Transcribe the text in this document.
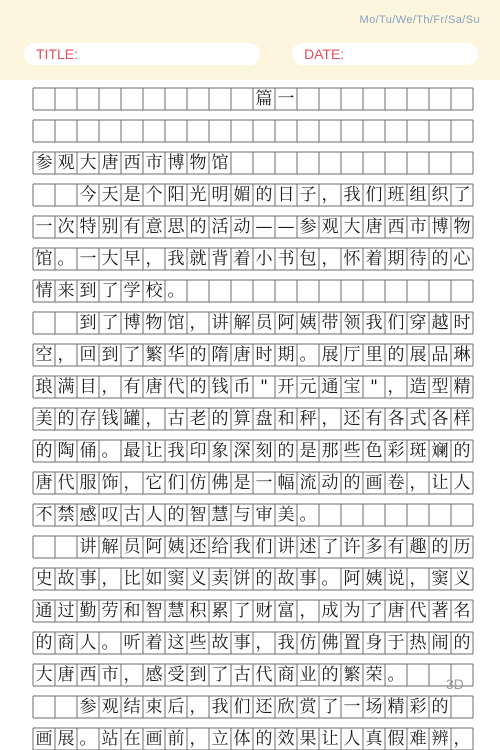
Mo/Tu/We/Th/Fr/Sa/Su
TITLE:	DATE:
篇 一
参 观 大 唐 西 市 博 物 馆
今 天 是 个 阳 光 明 媚 的 日 子 ， 我 们 班 组 织 了
一 次 特 别 有 意 思 的 活 动 — — 参 观 大 唐 西 市 博 物
馆 。 一 大 早 ， 我 就 背 着 小 书 包 ， 怀 着 期 待 的 心
情 来 到 了 学 校 。
到 了 博 物 馆 ， 讲 解 员 阿 姨 带 领 我 们 穿 越 时
空 ， 回 到 了 繁 华 的 隋 唐 时 期 。 展 厅 里 的 展 品 琳
琅 满 目 ， 有 唐 代 的 钱 币 " 开 元 通 宝 " ， 造 型 精
美 的 存 钱 罐 ， 古 老 的 算 盘 和 秤 ， 还 有 各 式 各 样
的 陶 俑 。 最 让 我 印 象 深 刻 的 是 那 些 色 彩 斑 斓 的
唐 代 服 饰 ， 它 们 仿 佛 是 一 幅 流 动 的 画 卷 ， 让 人
不 禁 感 叹 古 人 的 智 慧 与 审 美 。
讲 解 员 阿 姨 还 给 我 们 讲 述 了 许 多 有 趣 的 历
史 故 事 ， 比 如 窦 义 卖 饼 的 故 事 。 阿 姨 说 ， 窦 义
通 过 勤 劳 和 智 慧 积 累 了 财 富 ， 成 为 了 唐 代 著 名
的 商 人 。 听 着 这 些 故 事 ， 我 仿 佛 置 身 于 热 闹 的
大 唐 西 市 ， 感 受 到 了 古 代 商 业 的 繁 荣 。
参 观 结 束 后 ， 我 们 还 欣 赏 了 一 场 精 彩 的
画 展 。 站 在 画 前 ， 立 体 的 效 果 让 人 真 假 难 辨 ，
3D
